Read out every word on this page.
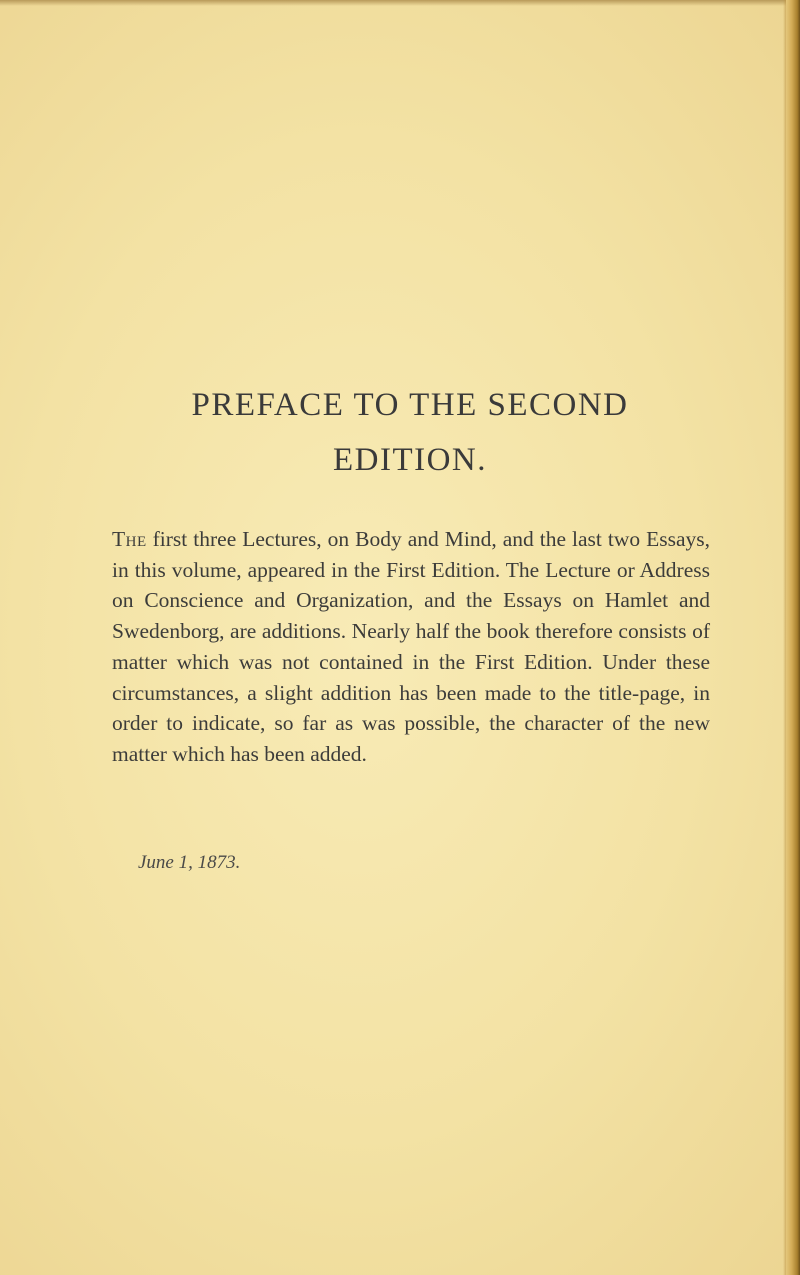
PREFACE TO THE SECOND
EDITION.

The first three Lectures, on Body and Mind, and the last two Essays, in this volume, appeared in the First Edition. The Lecture or Address on Conscience and Organization, and the Essays on Hamlet and Swedenborg, are additions. Nearly half the book therefore consists of matter which was not contained in the First Edition. Under these circumstances, a slight addition has been made to the title-page, in order to indicate, so far as was possible, the character of the new matter which has been added.

June 1, 1873.
